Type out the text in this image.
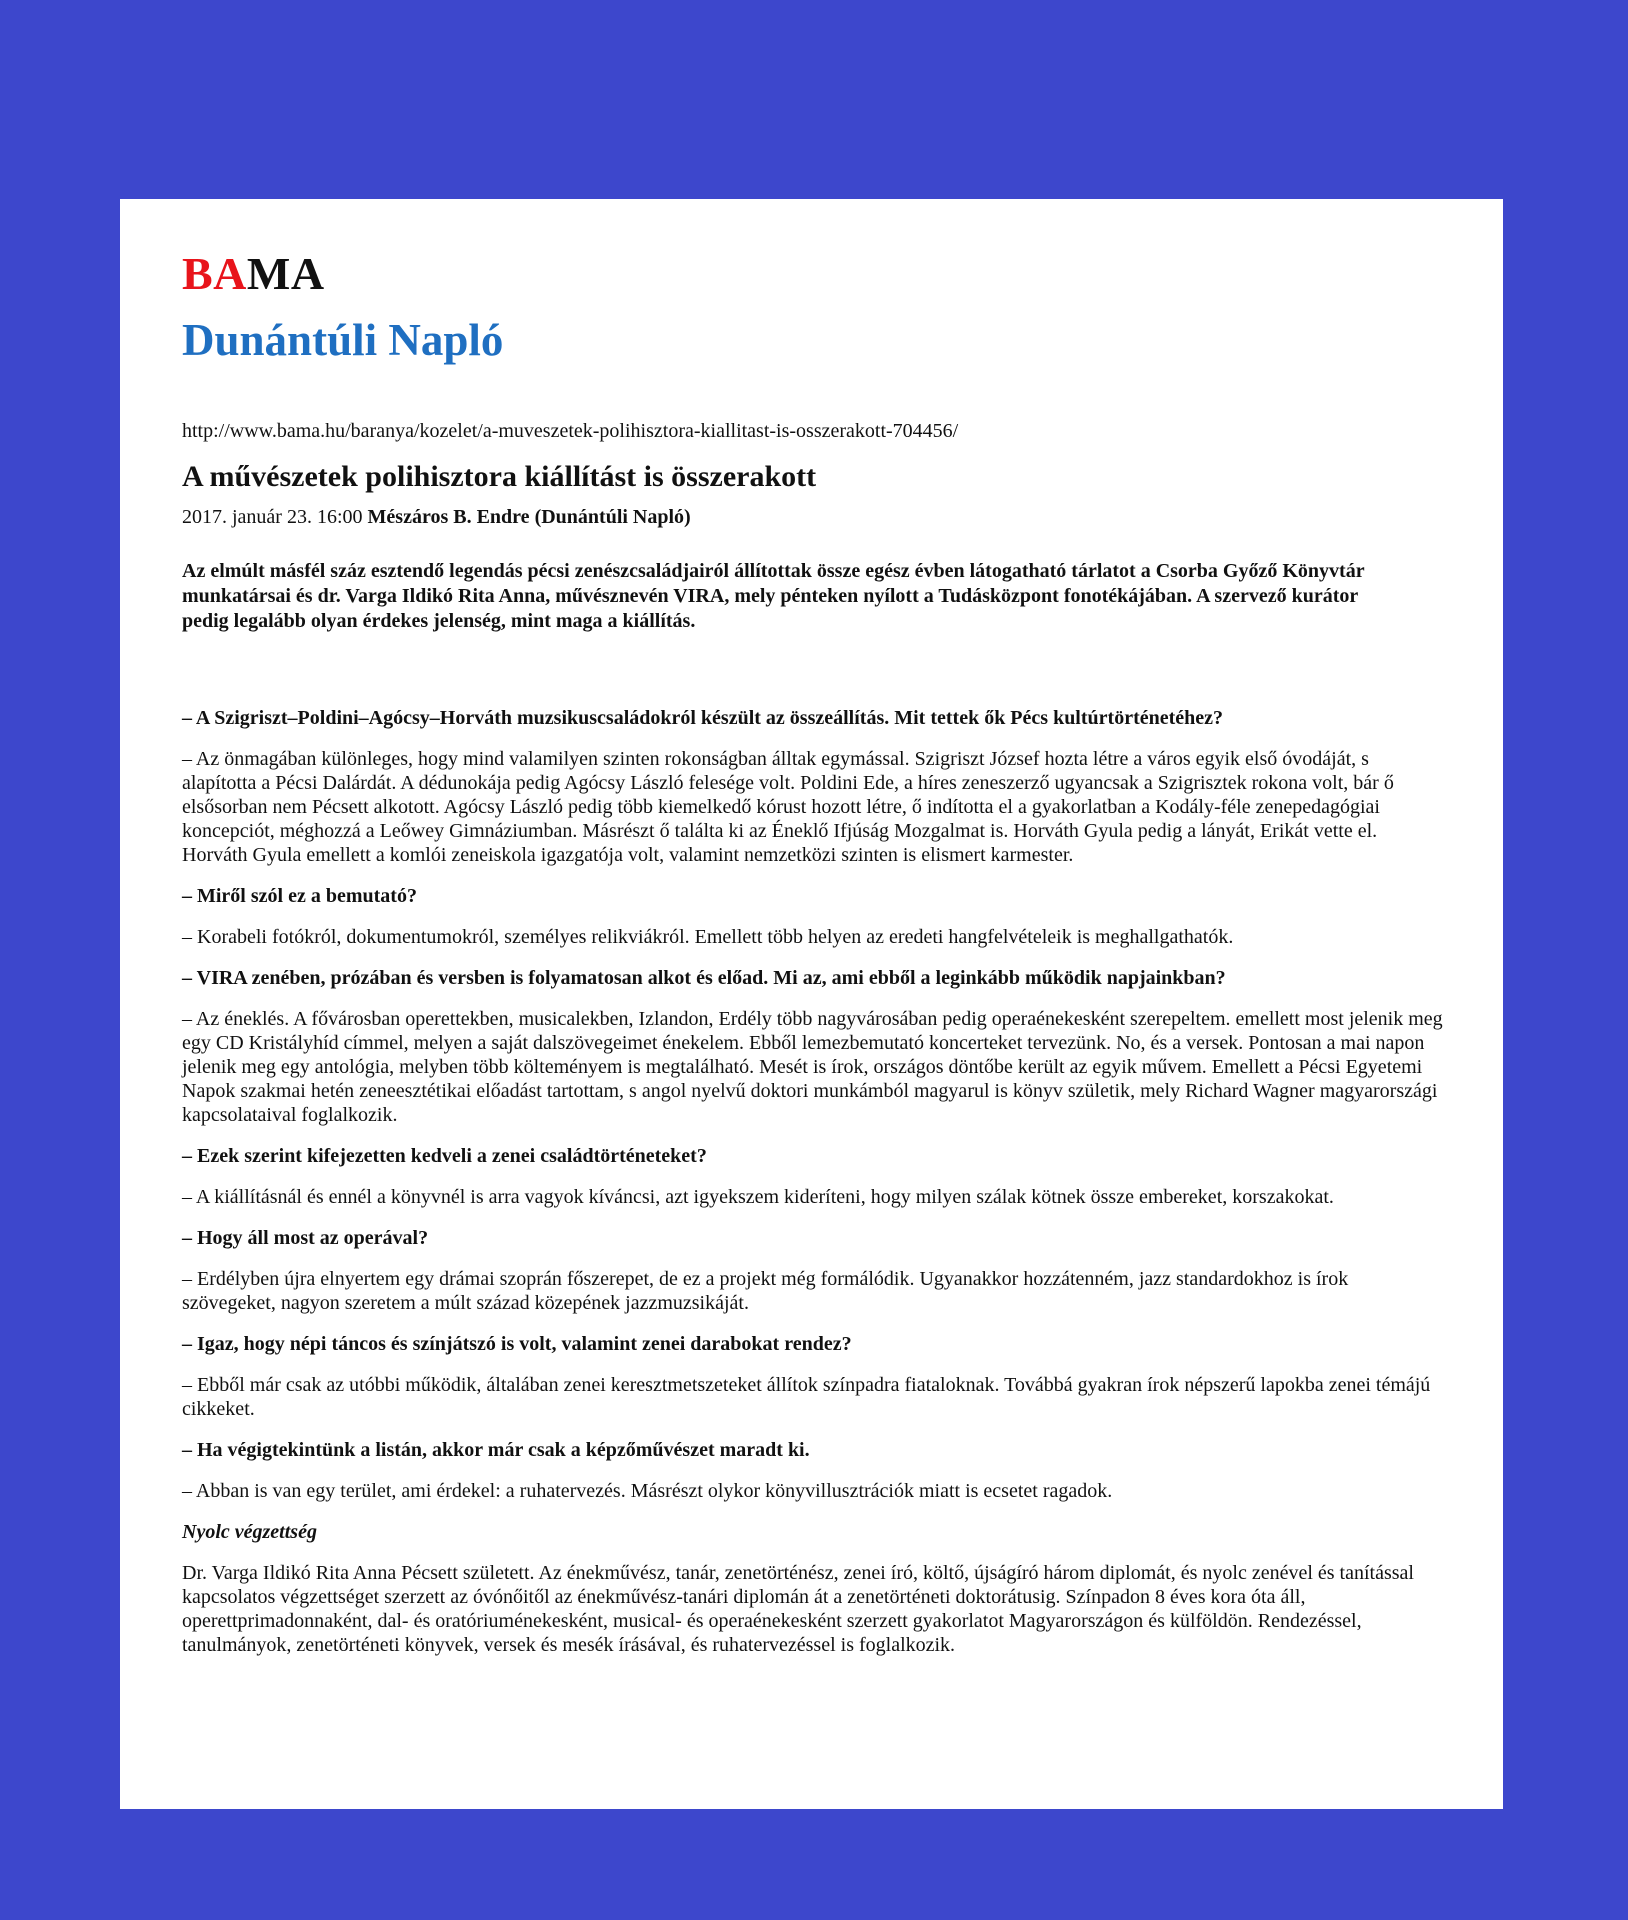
BAMA
Dunántúli Napló
http://www.bama.hu/baranya/kozelet/a-muveszetek-polihisztora-kiallitast-is-osszerakott-704456/
A művészetek polihisztora kiállítást is összerakott
2017. január 23. 16:00 Mészáros B. Endre (Dunántúli Napló)

Az elmúlt másfél száz esztendő legendás pécsi zenészcsaládjairól állítottak össze egész évben látogatható tárlatot a Csorba Győző Könyvtár munkatársai és dr. Varga Ildikó Rita Anna, művésznevén VIRA, mely pénteken nyílott a Tudásközpont fonotékájában. A szervező kurátor pedig legalább olyan érdekes jelenség, mint maga a kiállítás.

– A Szigriszt–Poldini–Agócsy–Horváth muzsikuscsaládokról készült az összeállítás. Mit tettek ők Pécs kultúrtörténetéhez?

– Az önmagában különleges, hogy mind valamilyen szinten rokonságban álltak egymással. Szigriszt József hozta létre a város egyik első óvodáját, s alapította a Pécsi Dalárdát. A dédunokája pedig Agócsy László felesége volt. Poldini Ede, a híres zeneszerző ugyancsak a Szigrisztek rokona volt, bár ő elsősorban nem Pécsett alkotott. Agócsy László pedig több kiemelkedő kórust hozott létre, ő indította el a gyakorlatban a Kodály-féle zenepedagógiai koncepciót, méghozzá a Leőwey Gimnáziumban. Másrészt ő találta ki az Éneklő Ifjúság Mozgalmat is. Horváth Gyula pedig a lányát, Erikát vette el. Horváth Gyula emellett a komlói zeneiskola igazgatója volt, valamint nemzetközi szinten is elismert karmester.

– Miről szól ez a bemutató?

– Korabeli fotókról, dokumentumokról, személyes relikviákról. Emellett több helyen az eredeti hangfelvételeik is meghallgathatók.

– VIRA zenében, prózában és versben is folyamatosan alkot és előad. Mi az, ami ebből a leginkább működik napjainkban?

– Az éneklés. A fővárosban operettekben, musicalekben, Izlandon, Erdély több nagyvárosában pedig operaénekesként szerepeltem. emellett most jelenik meg egy CD Kristályhíd címmel, melyen a saját dalszövegeimet énekelem. Ebből lemezbemutató koncerteket tervezünk. No, és a versek. Pontosan a mai napon jelenik meg egy antológia, melyben több költeményem is megtalálható. Mesét is írok, országos döntőbe került az egyik művem. Emellett a Pécsi Egyetemi Napok szakmai hetén zeneesztétikai előadást tartottam, s angol nyelvű doktori munkámból magyarul is könyv születik, mely Richard Wagner magyarországi kapcsolataival foglalkozik.

– Ezek szerint kifejezetten kedveli a zenei családtörténeteket?

– A kiállításnál és ennél a könyvnél is arra vagyok kíváncsi, azt igyekszem kideríteni, hogy milyen szálak kötnek össze embereket, korszakokat.

– Hogy áll most az operával?

– Erdélyben újra elnyertem egy drámai szoprán főszerepet, de ez a projekt még formálódik. Ugyanakkor hozzátenném, jazz standardokhoz is írok szövegeket, nagyon szeretem a múlt század közepének jazzmuzsikáját.

– Igaz, hogy népi táncos és színjátszó is volt, valamint zenei darabokat rendez?

– Ebből már csak az utóbbi működik, általában zenei keresztmetszeteket állítok színpadra fiataloknak. Továbbá gyakran írok népszerű lapokba zenei témájú cikkeket.

– Ha végigtekintünk a listán, akkor már csak a képzőművészet maradt ki.

– Abban is van egy terület, ami érdekel: a ruhatervezés. Másrészt olykor könyvillusztrációk miatt is ecsetet ragadok.

Nyolc végzettség

Dr. Varga Ildikó Rita Anna Pécsett született. Az énekművész, tanár, zenetörténész, zenei író, költő, újságíró három diplomát, és nyolc zenével és tanítással kapcsolatos végzettséget szerzett az óvónőitől az énekművész-tanári diplomán át a zenetörténeti doktorátusig. Színpadon 8 éves kora óta áll, operettprimadonnaként, dal- és oratóriuménekesként, musical- és operaénekesként szerzett gyakorlatot Magyarországon és külföldön. Rendezéssel, tanulmányok, zenetörténeti könyvek, versek és mesék írásával, és ruhatervezéssel is foglalkozik.
